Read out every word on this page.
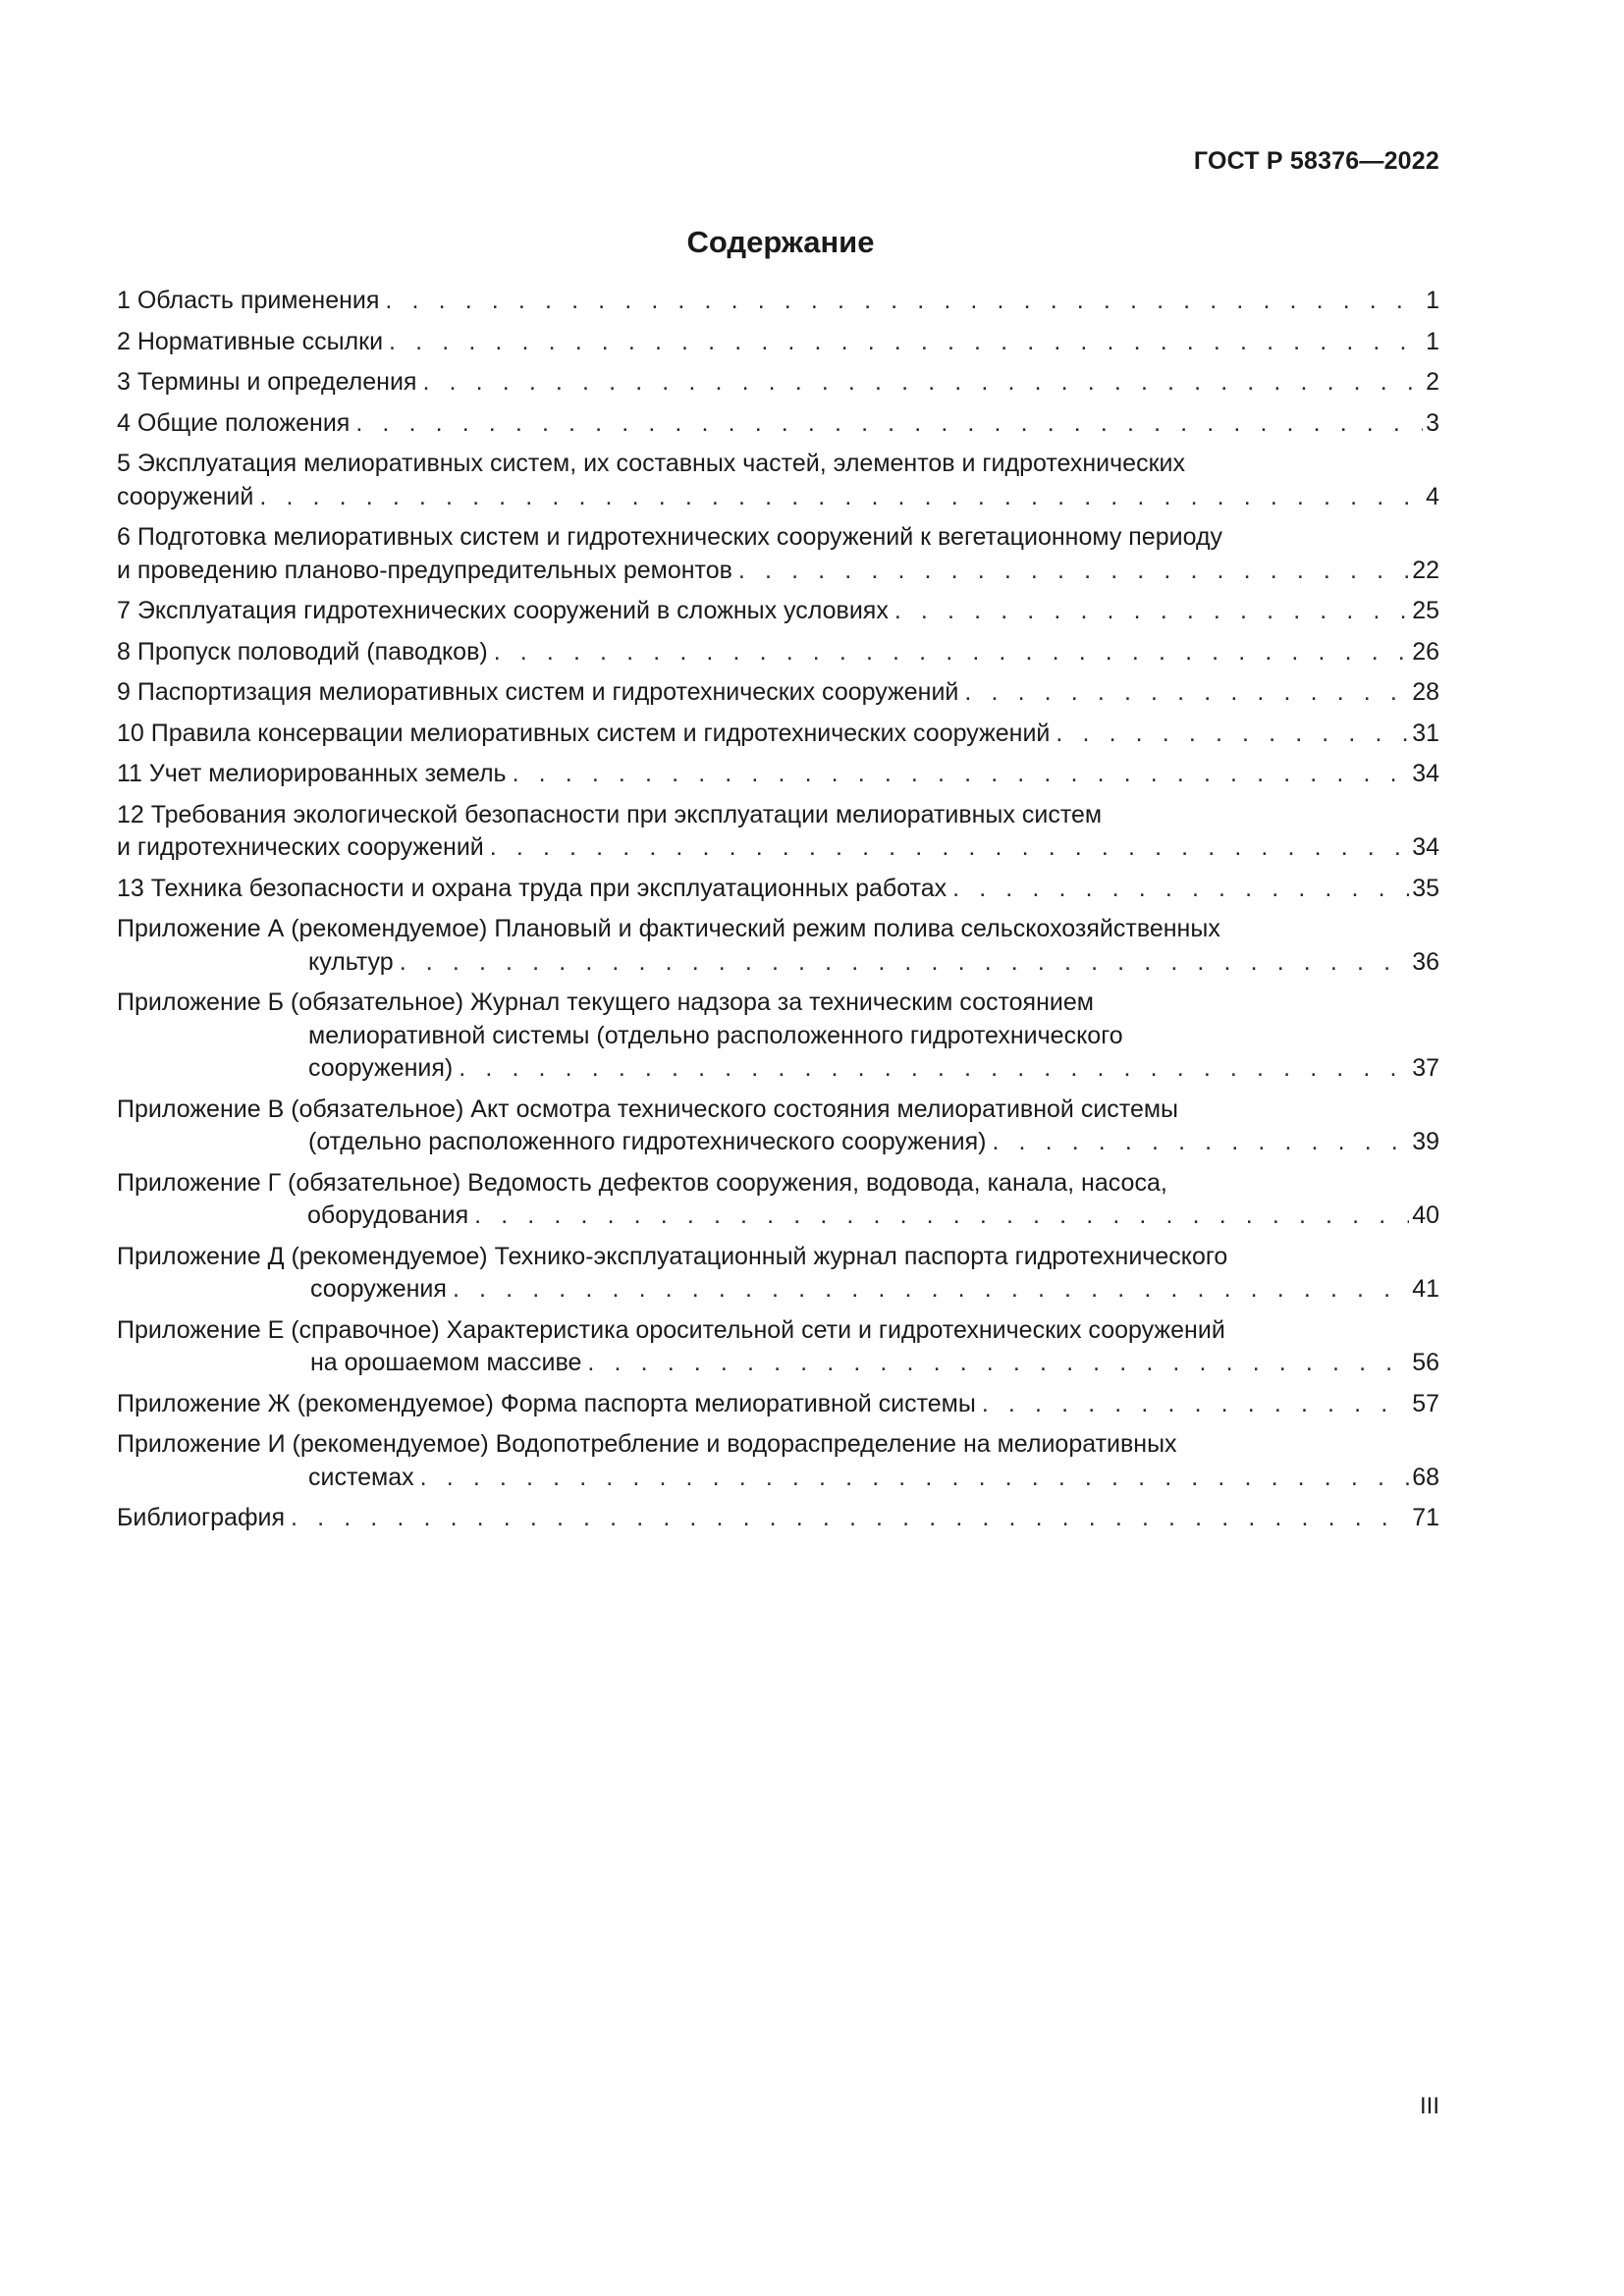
ГОСТ Р 58376—2022
Содержание
1 Область применения . . .	1
2 Нормативные ссылки . . .	1
3 Термины и определения . . .	2
4 Общие положения . . .	3
5 Эксплуатация мелиоративных систем, их составных частей, элементов и гидротехнических
сооружений . . .	4
6 Подготовка мелиоративных систем и гидротехнических сооружений к вегетационному периоду
и проведению планово-предупредительных ремонтов . . .	22
7 Эксплуатация гидротехнических сооружений в сложных условиях . . .	25
8 Пропуск половодий (паводков) . . .	26
9 Паспортизация мелиоративных систем и гидротехнических сооружений . . .	28
10 Правила консервации мелиоративных систем и гидротехнических сооружений . . .	31
11 Учет мелиорированных земель . . .	34
12 Требования экологической безопасности при эксплуатации мелиоративных систем
и гидротехнических сооружений . . .	34
13 Техника безопасности и охрана труда при эксплуатационных работах . . .	35
Приложение А (рекомендуемое) Плановый и фактический режим полива сельскохозяйственных
культур . . .	36
Приложение Б (обязательное) Журнал текущего надзора за техническим состоянием
мелиоративной системы (отдельно расположенного гидротехнического
сооружения) . . .	37
Приложение В (обязательное) Акт осмотра технического состояния мелиоративной системы
(отдельно расположенного гидротехнического сооружения) . . .	39
Приложение Г (обязательное) Ведомость дефектов сооружения, водовода, канала, насоса,
оборудования . . .	40
Приложение Д (рекомендуемое) Технико-эксплуатационный журнал паспорта гидротехнического
сооружения . . .	41
Приложение Е (справочное) Характеристика оросительной сети и гидротехнических сооружений
на орошаемом массиве . . .	56
Приложение Ж (рекомендуемое) Форма паспорта мелиоративной системы . . .	57
Приложение И (рекомендуемое) Водопотребление и водораспределение на мелиоративных
системах . . .	68
Библиография . . .	71
III
